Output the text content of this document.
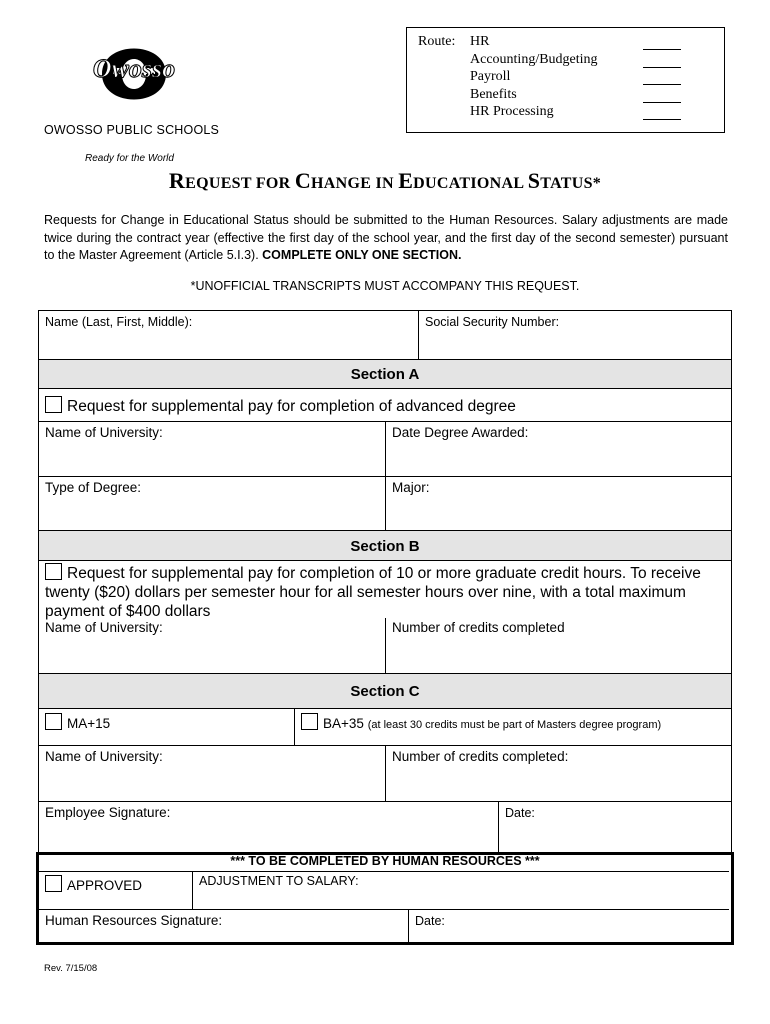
Owosso
OWOSSO PUBLIC SCHOOLS
Ready for the World
Route: HR
Accounting/Budgeting
Payroll
Benefits
HR Processing
REQUEST FOR CHANGE IN EDUCATIONAL STATUS*
Requests for Change in Educational Status should be submitted to the Human Resources. Salary adjustments are made twice during the contract year (effective the first day of the school year, and the first day of the second semester) pursuant to the Master Agreement (Article 5.I.3). COMPLETE ONLY ONE SECTION.
*UNOFFICIAL TRANSCRIPTS MUST ACCOMPANY THIS REQUEST.
Name (Last, First, Middle):	Social Security Number:
Section A
Request for supplemental pay for completion of advanced degree
Name of University:	Date Degree Awarded:
Type of Degree:	Major:
Section B
Request for supplemental pay for completion of 10 or more graduate credit hours. To receive twenty ($20) dollars per semester hour for all semester hours over nine, with a total maximum payment of $400 dollars
Name of University:	Number of credits completed
Section C
MA+15	BA+35 (at least 30 credits must be part of Masters degree program)
Name of University:	Number of credits completed:
Employee Signature:	Date:
*** TO BE COMPLETED BY HUMAN RESOURCES ***
APPROVED	ADJUSTMENT TO SALARY:
Human Resources Signature:	Date:
Rev. 7/15/08
